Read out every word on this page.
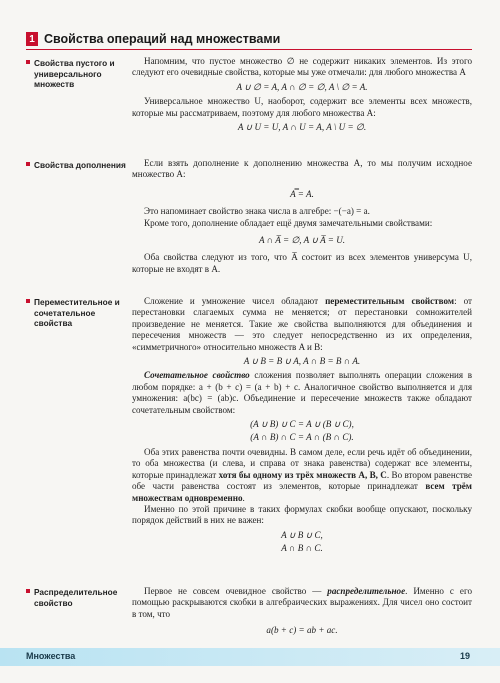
1 Свойства операций над множествами
Свойства пустого и универсального множеств

Напомним, что пустое множество ∅ не содержит никаких элементов. Из этого следуют его очевидные свойства, которые мы уже отмечали: для любого множества A

A ∪ ∅ = A, A ∩ ∅ = ∅, A \ ∅ = A.

Универсальное множество U, наоборот, содержит все элементы всех множеств, которые мы рассматриваем, поэтому для любого множества A:

A ∪ U = U, A ∩ U = A, A \ U = ∅.
Свойства дополнения	Если взять дополнение к дополнению множества A, то мы получим исходное множество A:

A̿ = A.

Это напоминает свойство знака числа в алгебре: −(−a) = a.

Кроме того, дополнение обладает ещё двумя замечательными свойствами:

A ∩ A̅ = ∅, A ∪ A̅ = U.

Оба свойства следуют из того, что A̅ состоит из всех элементов универсума U, которые не входят в A.

Переместительное и сочетательное свойства

Сложение и умножение чисел обладают переместительным свойством: от перестановки слагаемых сумма не меняется; от перестановки сомножителей произведение не меняется. Такие же свойства выполняются для объединения и пересечения множеств — это следует непосредственно из их определения, «симметричного» относительно множеств A и B:

A ∪ B = B ∪ A, A ∩ B = B ∩ A.

Сочетательное свойство сложения позволяет выполнять операции сложения в любом порядке: a + (b + c) = (a + b) + c. Аналогичное свойство выполняется и для умножения: a(bc) = (ab)c. Объединение и пересечение множеств также обладают сочетательным свойством:

(A ∪ B) ∪ C = A ∪ (B ∪ C),
(A ∩ B) ∩ C = A ∩ (B ∩ C).

Оба этих равенства почти очевидны. В самом деле, если речь идёт об объединении, то оба множества (и слева, и справа от знака равенства) содержат все элементы, которые принадлежат хотя бы одному из трёх множеств A, B, C. Во втором равенстве обе части равенства состоят из элементов, которые принадлежат всем трём множествам одновременно.

Именно по этой причине в таких формулах скобки вообще опускают, поскольку порядок действий в них не важен:

A ∪ B ∪ C,
A ∩ B ∩ C.
Распределительное свойство

Первое не совсем очевидное свойство — распределительное. Именно с его помощью раскрываются скобки в алгебраических выражениях. Для чисел оно состоит в том, что

a(b + c) = ab + ac.
Множества	19
